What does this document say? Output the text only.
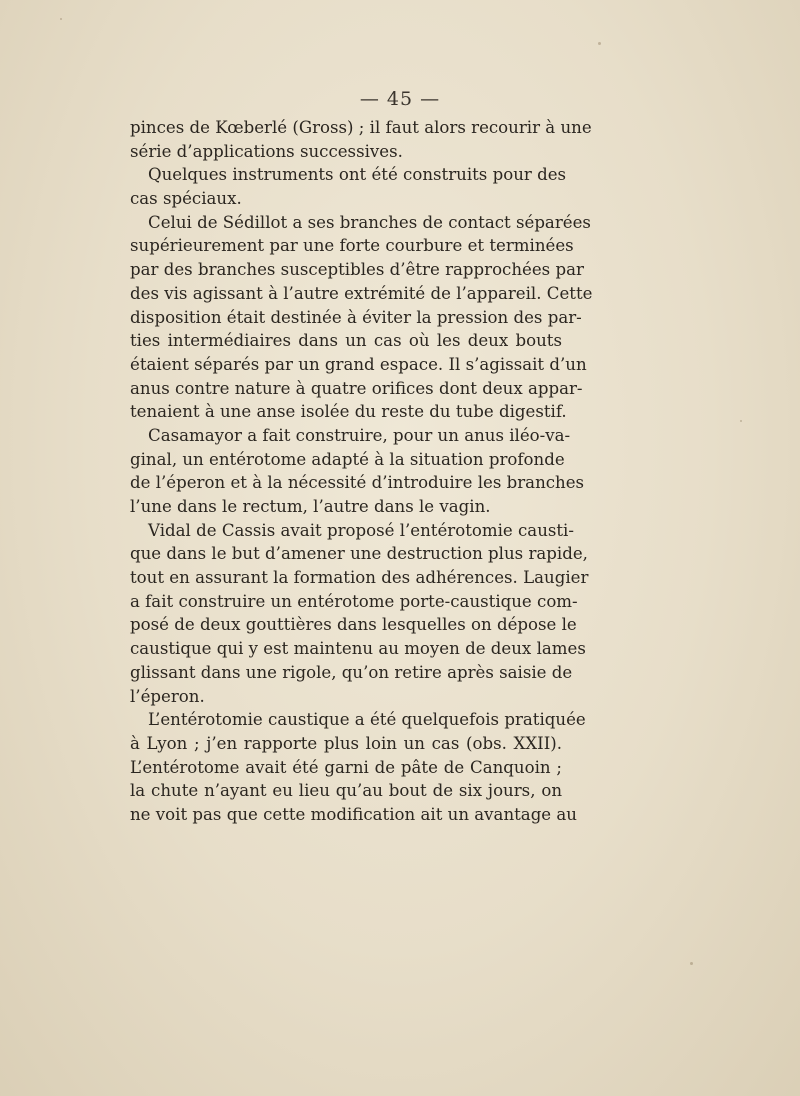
— 45 —
pinces de Kœberlé (Gross) ; il faut alors recourir à une
série d’applications successives.
Quelques instruments ont été construits pour des
cas spéciaux.
Celui de Sédillot a ses branches de contact séparées
supérieurement par une forte courbure et terminées
par des branches susceptibles d’être rapprochées par
des vis agissant à l’autre extrémité de l’appareil. Cette
disposition était destinée à éviter la pression des par-
ties intermédiaires dans un cas où les deux bouts
étaient séparés par un grand espace. Il s’agissait d’un
anus contre nature à quatre orifices dont deux appar-
tenaient à une anse isolée du reste du tube digestif.
Casamayor a fait construire, pour un anus iléo-va-
ginal, un entérotome adapté à la situation profonde
de l’éperon et à la nécessité d’introduire les branches
l’une dans le rectum, l’autre dans le vagin.
Vidal de Cassis avait proposé l’entérotomie causti-
que dans le but d’amener une destruction plus rapide,
tout en assurant la formation des adhérences. Laugier
a fait construire un entérotome porte-caustique com-
posé de deux gouttières dans lesquelles on dépose le
caustique qui y est maintenu au moyen de deux lames
glissant dans une rigole, qu’on retire après saisie de
l’éperon.
L’entérotomie caustique a été quelquefois pratiquée
à Lyon ; j’en rapporte plus loin un cas (obs. XXII).
L’entérotome avait été garni de pâte de Canquoin ;
la chute n’ayant eu lieu qu’au bout de six jours, on
ne voit pas que cette modification ait un avantage au
